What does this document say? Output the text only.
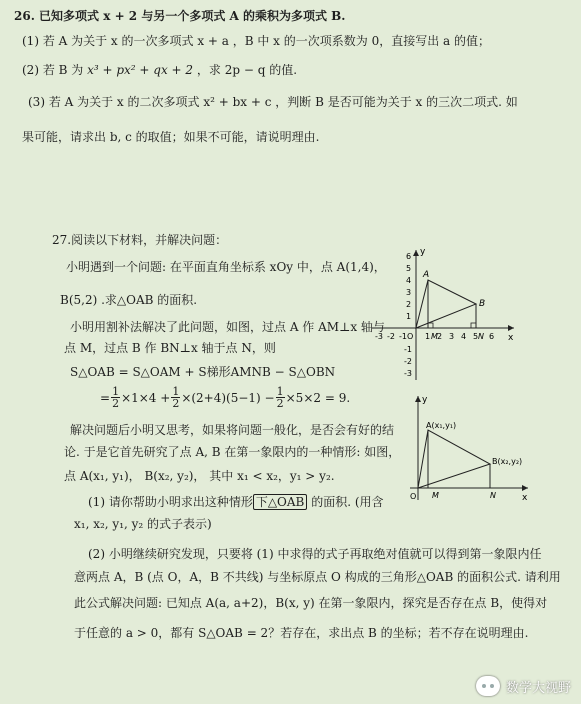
26. 已知多项式 x + 2 与另一个多项式 A 的乘积为多项式 B.
(1) 若 A 为关于 x 的一次多项式 x + a ，B 中 x 的一次项系数为 0，直接写出 a 的值；
(2) 若 B 为 x³ + px² + qx + 2 ，求 2p − q 的值.
(3) 若 A 为关于 x 的二次多项式 x² + bx + c ，判断 B 是否可能为关于 x 的三次二项式. 如
果可能，请求出 b, c 的取值；如果不可能，请说明理由.
27.阅读以下材料，并解决问题：
小明遇到一个问题: 在平面直角坐标系 xOy 中，点 A(1,4)，
B(5,2) .求△OAB 的面积.
小明用割补法解决了此问题，如图，过点 A 作 AM⊥x 轴与
点 M，过点 B 作 BN⊥x 轴于点 N，则
S△OAB = S△OAM + S梯形AMNB − S△OBN
= $\frac{1}{2} \times 1\times 4 + \frac{1}{2} \times(2+4)(5-1) - \frac{1}{2} \times 5\times 2 = 9$.
解决问题后小明又思考，如果将问题一般化，是否会有好的结
论. 于是它首先研究了点 A, B 在第一象限内的一种情形: 如图，
点 A(x₁, y₁)， B(x₂, y₂)， 其中 x₁ < x₂，y₁ > y₂.
(1) 请你帮助小明求出这种情形 下△OAB 的面积. (用含
x₁, x₂, y₁, y₂ 的式子表示)
(2) 小明继续研究发现，只要将 (1) 中求得的式子再取绝对值就可以得到第一象限内任
意两点 A，B (点 O，A，B 不共线) 与坐标原点 O 构成的三角形△OAB 的面积公式. 请利用
此公式解决问题: 已知点 A(a, a+2)，B(x, y) 在第一象限内，探究是否存在点 B，使得对
于任意的 a > 0，都有 S△OAB = 2？若存在，求出点 B 的坐标；若不存在说明理由.
x
y
O
-3 -2 -1 1 2 3 4 5 6
6
5
4
3
2
1
-1
-2
-3
A
B
M	N
x
y
O
A(x₁,y₁)
B(x₂,y₂)
M	N
数学大视野
